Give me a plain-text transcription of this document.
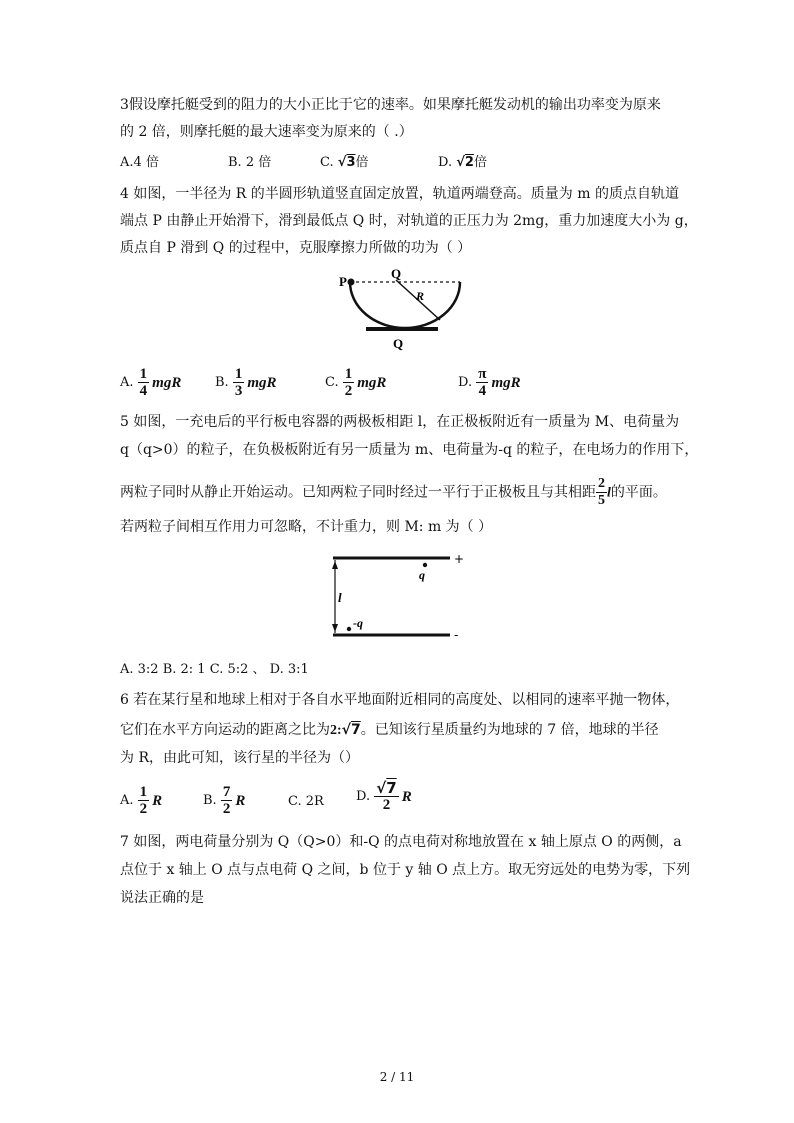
3假设摩托艇受到的阻力的大小正比于它的速率。如果摩托艇发动机的输出功率变为原来
的 2 倍，则摩托艇的最大速率变为原来的（ .）
A.4 倍	B. 2 倍	C. √3倍	D. √2倍
4 如图，一半径为 R 的半圆形轨道竖直固定放置，轨道两端登高。质量为 m 的质点自轨道
端点 P 由静止开始滑下，滑到最低点 Q 时，对轨道的正压力为 2mg，重力加速度大小为 g，
质点自 P 滑到 Q 的过程中，克服摩擦力所做的功为（ ）
P
Q
R
Q
A. $\frac{1}{4}$ mgR	B. $\frac{1}{3}$ mgR	C. $\frac{1}{2}$ mgR	D. $\frac{\pi}{4}$ mgR
5 如图，一充电后的平行板电容器的两极板相距 l，在正极板附近有一质量为 M、电荷量为
q（q>0）的粒子，在负极板附近有另一质量为 m、电荷量为-q 的粒子，在电场力的作用下，
两粒子同时从静止开始运动。已知两粒子同时经过一平行于正极板且与其相距 $\frac{2}{5}$ l的平面。
若两粒子间相互作用力可忽略，不计重力，则 M: m 为（ ）
+
-
q
l
-q
A. 3:2 B. 2: 1 C. 5:2 、 D. 3:1
6 若在某行星和地球上相对于各自水平地面附近相同的高度处、以相同的速率平抛一物体，
它们在水平方向运动的距离之比为2:√7。已知该行星质量约为地球的 7 倍，地球的半径
为 R，由此可知，该行星的半径为（）
A. $\frac{1}{2}$ R	B. $\frac{7}{2}$ R	C. 2R D. $\frac{√7}{2}$ R
7 如图，两电荷量分别为 Q（Q>0）和-Q 的点电荷对称地放置在 x 轴上原点 O 的两侧，a
点位于 x 轴上 O 点与点电荷 Q 之间，b 位于 y 轴 O 点上方。取无穷远处的电势为零，下列
说法正确的是
2 / 11
